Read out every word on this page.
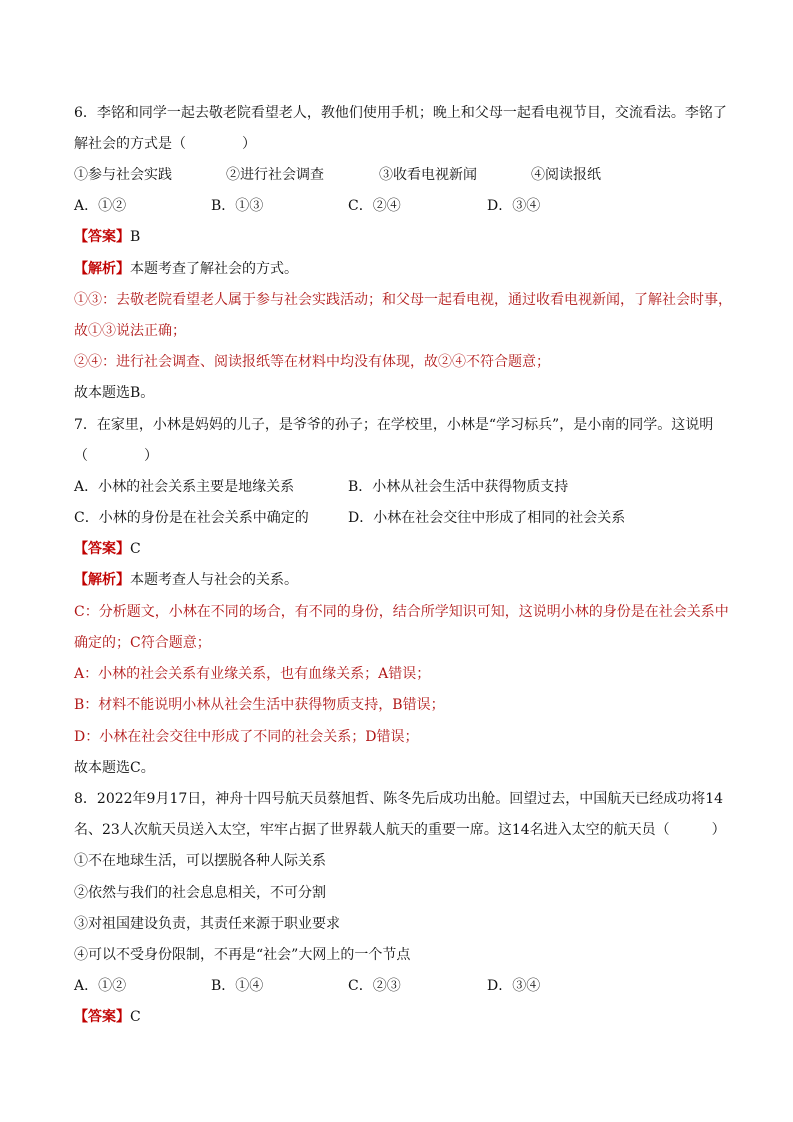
6．李铭和同学一起去敬老院看望老人，教他们使用手机；晚上和父母一起看电视节目，交流看法。李铭了
解社会的方式是（　　　　）
①参与社会实践	②进行社会调查	③收看电视新闻	④阅读报纸
A．①②	B．①③	C．②④	D．③④
【答案】B
【解析】本题考查了解社会的方式。
①③：去敬老院看望老人属于参与社会实践活动；和父母一起看电视，通过收看电视新闻，了解社会时事，
故①③说法正确；
②④：进行社会调查、阅读报纸等在材料中均没有体现，故②④不符合题意；
故本题选B。
7．在家里，小林是妈妈的儿子，是爷爷的孙子；在学校里，小林是“学习标兵”，是小南的同学。这说明
（　　　　）
A．小林的社会关系主要是地缘关系	B．小林从社会生活中获得物质支持
C．小林的身份是在社会关系中确定的	D．小林在社会交往中形成了相同的社会关系
【答案】C
【解析】本题考查人与社会的关系。
C：分析题文，小林在不同的场合，有不同的身份，结合所学知识可知，这说明小林的身份是在社会关系中
确定的；C符合题意；
A：小林的社会关系有业缘关系，也有血缘关系；A错误；
B：材料不能说明小林从社会生活中获得物质支持，B错误；
D：小林在社会交往中形成了不同的社会关系；D错误；
故本题选C。
8．2022年9月17日，神舟十四号航天员蔡旭哲、陈冬先后成功出舱。回望过去，中国航天已经成功将14
名、23人次航天员送入太空，牢牢占据了世界载人航天的重要一席。这14名进入太空的航天员（　　　）
①不在地球生活，可以摆脱各种人际关系
②依然与我们的社会息息相关，不可分割
③对祖国建设负责，其责任来源于职业要求
④可以不受身份限制，不再是“社会”大网上的一个节点
A．①②	B．①④	C．②③	D．③④
【答案】C
